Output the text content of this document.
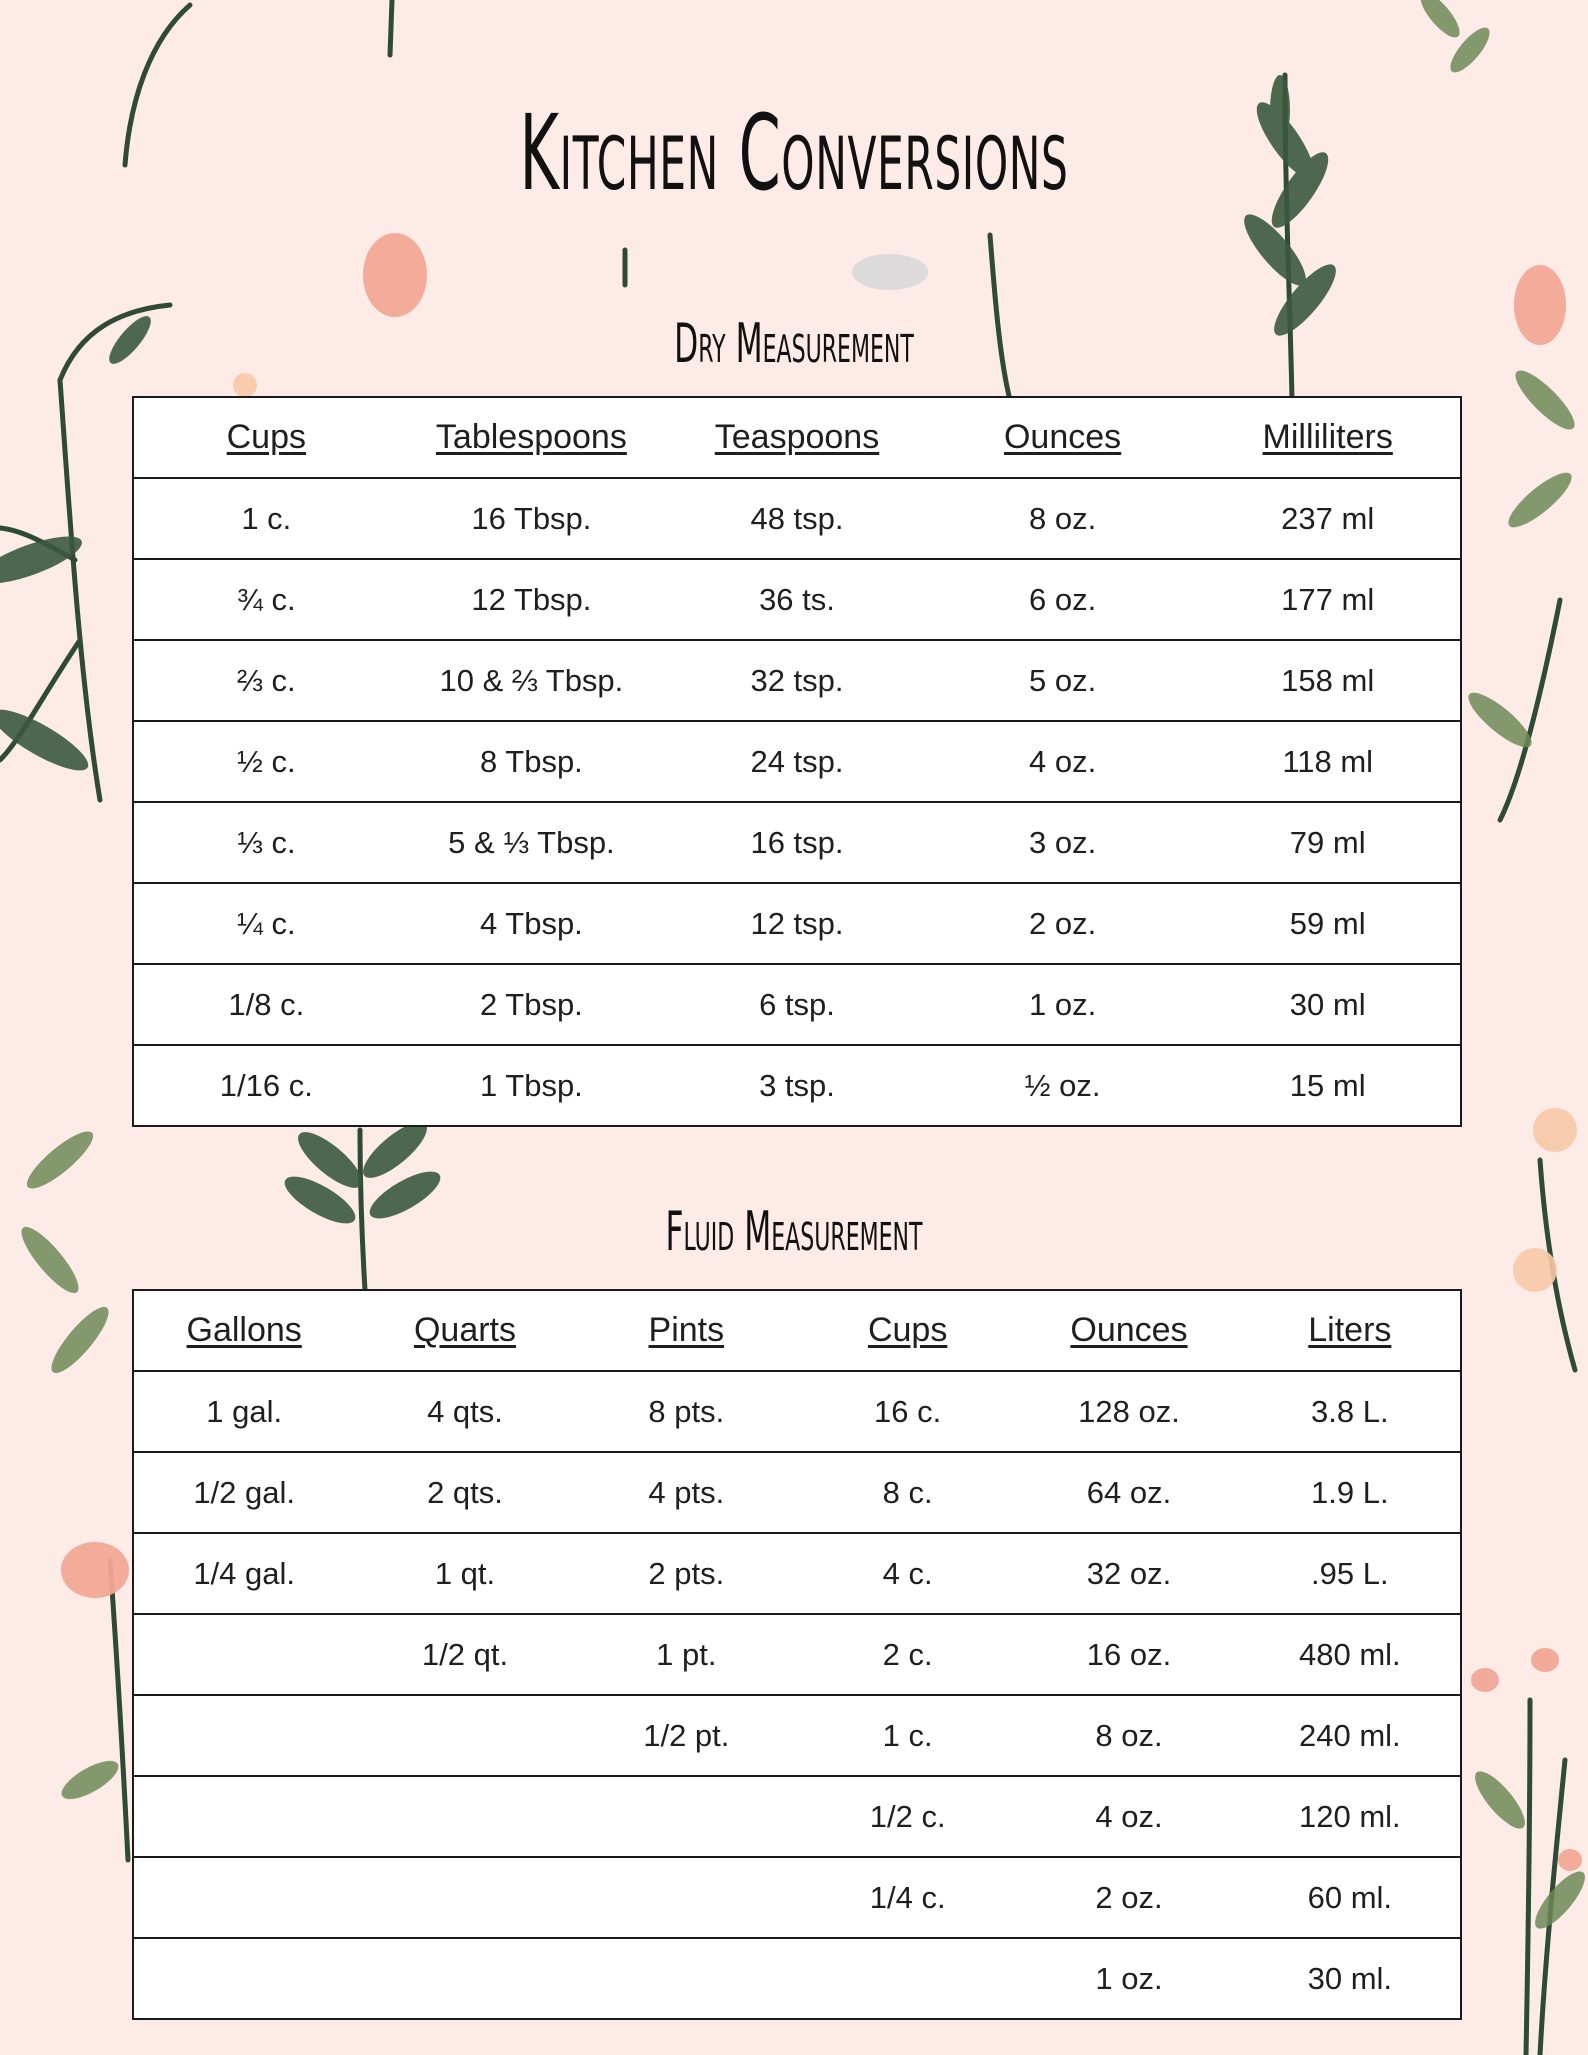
Kitchen Conversions
Dry Measurement
Cups	Tablespoons	Teaspoons	Ounces	Milliliters
1 c.	16 Tbsp.	48 tsp.	8 oz.	237 ml
¾ c.	12 Tbsp.	36 ts.	6 oz.	177 ml
⅔ c.	10 & ⅔ Tbsp.	32 tsp.	5 oz.	158 ml
½ c.	8 Tbsp.	24 tsp.	4 oz.	118 ml
⅓ c.	5 & ⅓ Tbsp.	16 tsp.	3 oz.	79 ml
¼ c.	4 Tbsp.	12 tsp.	2 oz.	59 ml
1/8 c.	2 Tbsp.	6 tsp.	1 oz.	30 ml
1/16 c.	1 Tbsp.	3 tsp.	½ oz.	15 ml
Fluid Measurement
Gallons	Quarts	Pints	Cups	Ounces	Liters
1 gal.	4 qts.	8 pts.	16 c.	128 oz.	3.8 L.
1/2 gal.	2 qts.	4 pts.	8 c.	64 oz.	1.9 L.
1/4 gal.	1 qt.	2 pts.	4 c.	32 oz.	.95 L.
	1/2 qt.	1 pt.	2 c.	16 oz.	480 ml.
		1/2 pt.	1 c.	8 oz.	240 ml.
			1/2 c.	4 oz.	120 ml.
			1/4 c.	2 oz.	60 ml.
				1 oz.	30 ml.
